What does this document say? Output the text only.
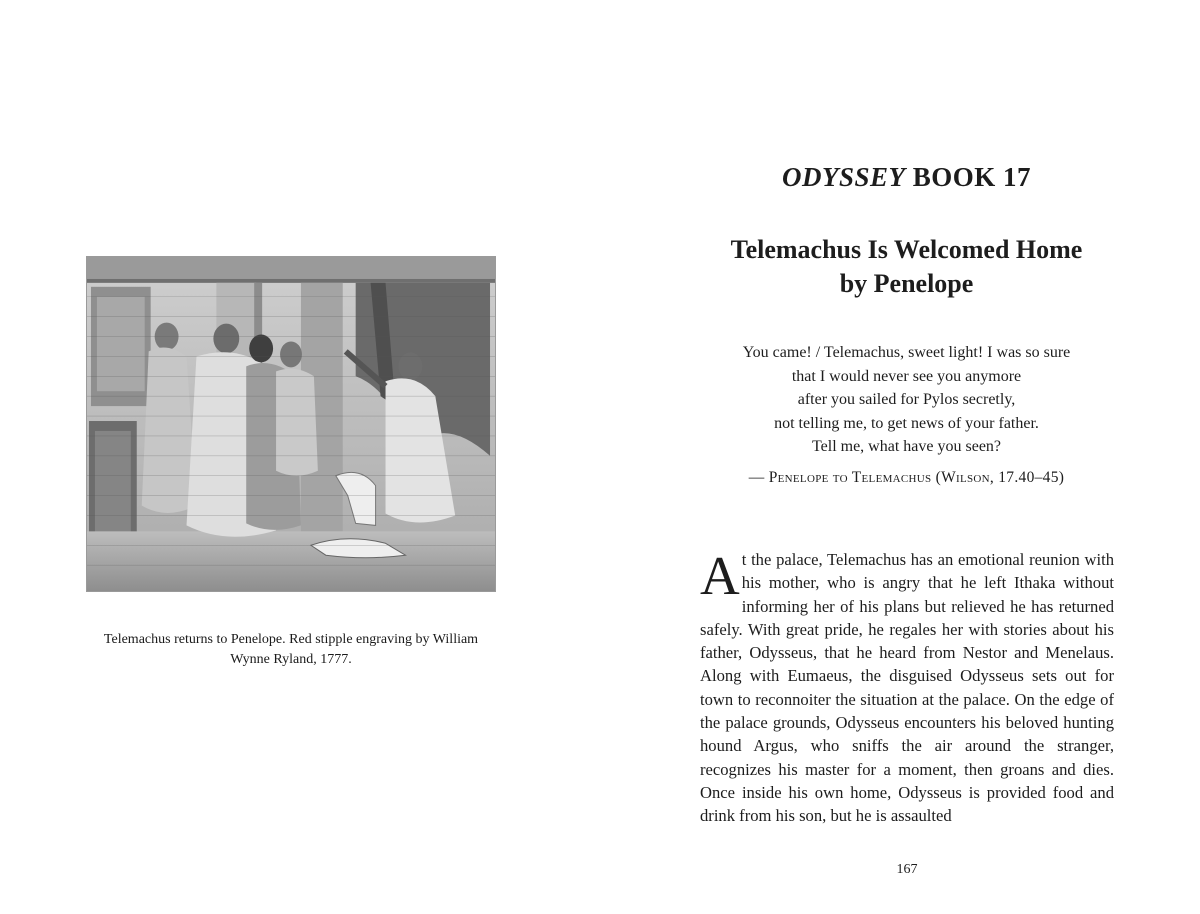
Telemachus returns to Penelope. Red stipple engraving by William Wynne Ryland, 1777.
ODYSSEY BOOK 17
Telemachus Is Welcomed Home
by Penelope
You came! / Telemachus, sweet light! I was so sure
that I would never see you anymore
after you sailed for Pylos secretly,
not telling me, to get news of your father.
Tell me, what have you seen?
— Penelope to Telemachus (Wilson, 17.40–45)
At the palace, Telemachus has an emotional reunion with his mother, who is angry that he left Ithaka without informing her of his plans but relieved he has returned safely. With great pride, he regales her with stories about his father, Odysseus, that he heard from Nestor and Menelaus. Along with Eumaeus, the disguised Odysseus sets out for town to reconnoiter the situation at the palace. On the edge of the palace grounds, Odysseus encounters his beloved hunting hound Argus, who sniffs the air around the stranger, recognizes his master for a moment, then groans and dies. Once inside his own home, Odysseus is provided food and drink from his son, but he is assaulted
167
